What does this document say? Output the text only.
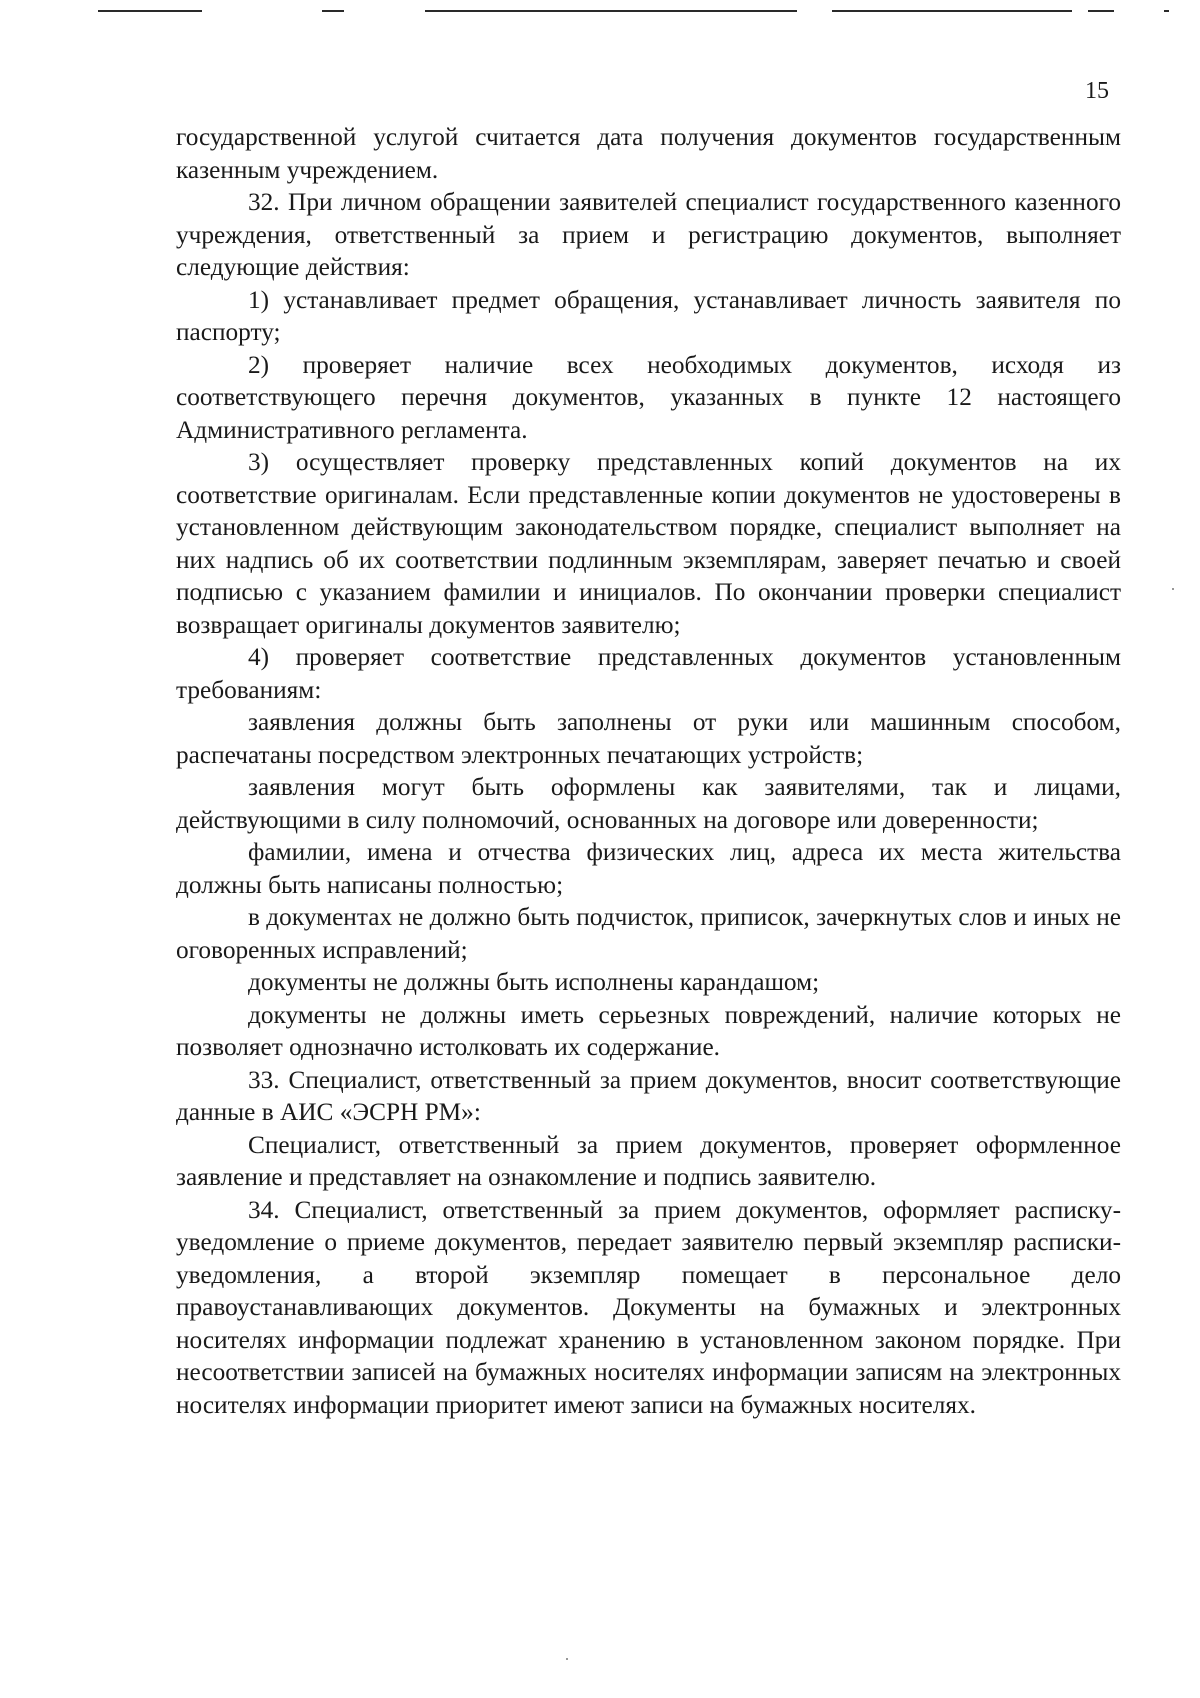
15

государственной услугой считается дата получения документов государственным казенным учреждением.

32. При личном обращении заявителей специалист государственного казенного учреждения, ответственный за прием и регистрацию документов, выполняет следующие действия:

1) устанавливает предмет обращения, устанавливает личность заявителя по паспорту;

2) проверяет наличие всех необходимых документов, исходя из соответствующего перечня документов, указанных в пункте 12 настоящего Административного регламента.

3) осуществляет проверку представленных копий документов на их соответствие оригиналам. Если представленные копии документов не удостоверены в установленном действующим законодательством порядке, специалист выполняет на них надпись об их соответствии подлинным экземплярам, заверяет печатью и своей подписью с указанием фамилии и инициалов. По окончании проверки специалист возвращает оригиналы документов заявителю;

4) проверяет соответствие представленных документов установленным требованиям:

заявления должны быть заполнены от руки или машинным способом, распечатаны посредством электронных печатающих устройств;

заявления могут быть оформлены как заявителями, так и лицами, действующими в силу полномочий, основанных на договоре или доверенности;

фамилии, имена и отчества физических лиц, адреса их места жительства должны быть написаны полностью;

в документах не должно быть подчисток, приписок, зачеркнутых слов и иных не оговоренных исправлений;

документы не должны быть исполнены карандашом;

документы не должны иметь серьезных повреждений, наличие которых не позволяет однозначно истолковать их содержание.

33. Специалист, ответственный за прием документов, вносит соответствующие данные в АИС «ЭСРН РМ»:

Специалист, ответственный за прием документов, проверяет оформленное заявление и представляет на ознакомление и подпись заявителю.

34. Специалист, ответственный за прием документов, оформляет расписку-уведомление о приеме документов, передает заявителю первый экземпляр расписки-уведомления, а второй экземпляр помещает в персональное дело правоустанавливающих документов. Документы на бумажных и электронных носителях информации подлежат хранению в установленном законом порядке. При несоответствии записей на бумажных носителях информации записям на электронных носителях информации приоритет имеют записи на бумажных носителях.
